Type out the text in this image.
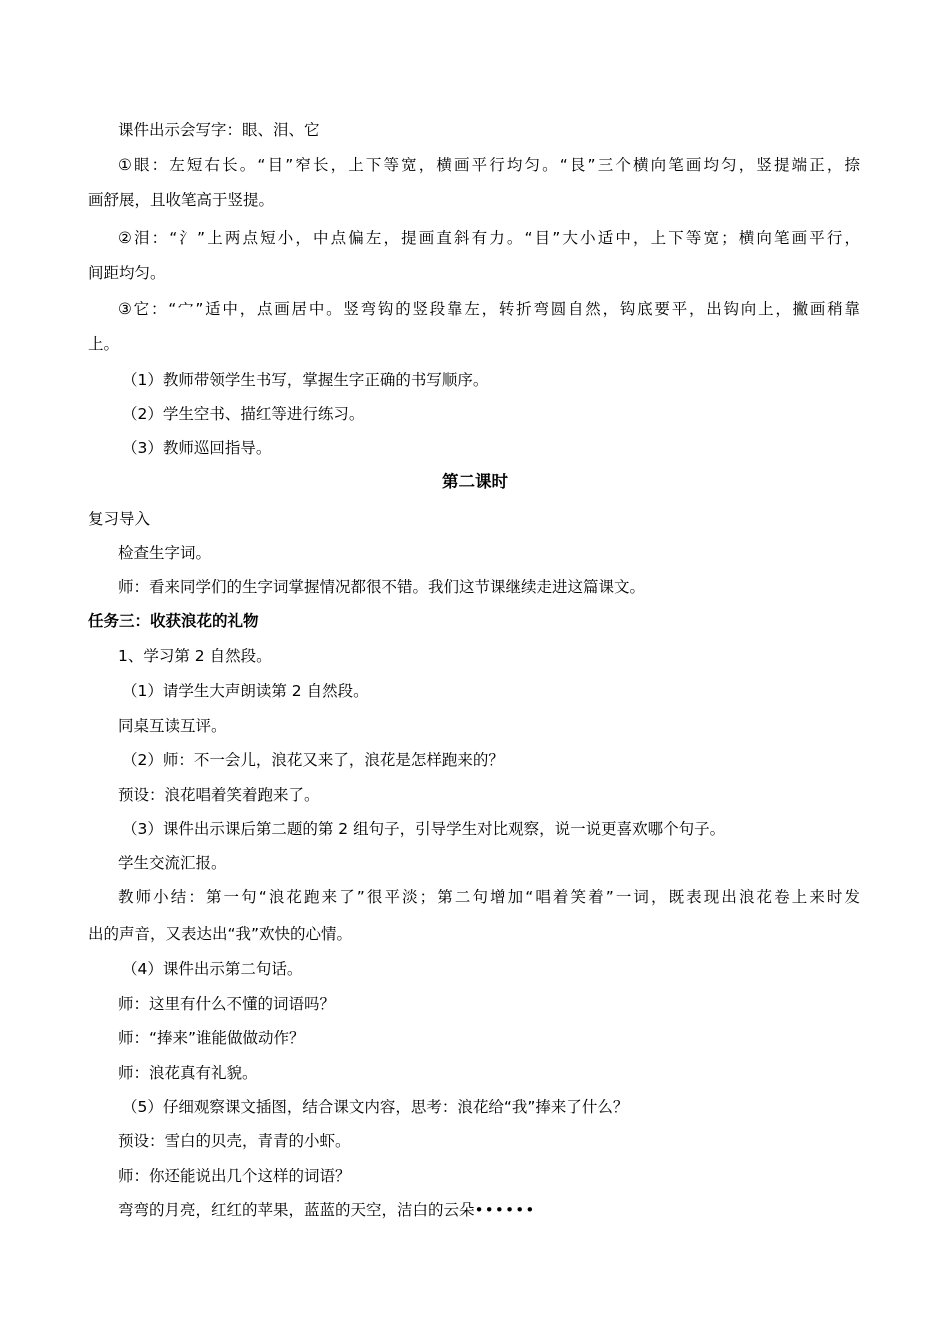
课件出示会写字：眼、泪、它
①眼：左短右长。“目”窄长，上下等宽，横画平行均匀。“艮”三个横向笔画均匀，竖提端正，捺
画舒展，且收笔高于竖提。
②泪：“氵”上两点短小，中点偏左，提画直斜有力。“目”大小适中，上下等宽；横向笔画平行，
间距均匀。
③它：“宀”适中，点画居中。竖弯钩的竖段靠左，转折弯圆自然，钩底要平，出钩向上，撇画稍靠
上。
（1）教师带领学生书写，掌握生字正确的书写顺序。
（2）学生空书、描红等进行练习。
（3）教师巡回指导。
第二课时
复习导入
检查生字词。
师：看来同学们的生字词掌握情况都很不错。我们这节课继续走进这篇课文。
任务三：收获浪花的礼物
1、学习第 2 自然段。
（1）请学生大声朗读第 2 自然段。
同桌互读互评。
（2）师：不一会儿，浪花又来了，浪花是怎样跑来的？
预设：浪花唱着笑着跑来了。
（3）课件出示课后第二题的第 2 组句子，引导学生对比观察，说一说更喜欢哪个句子。
学生交流汇报。
教师小结：第一句“浪花跑来了”很平淡；第二句增加“唱着笑着”一词，既表现出浪花卷上来时发
出的声音，又表达出“我”欢快的心情。
（4）课件出示第二句话。
师：这里有什么不懂的词语吗？
师：“捧来”谁能做做动作？
师：浪花真有礼貌。
（5）仔细观察课文插图，结合课文内容，思考：浪花给“我”捧来了什么？
预设：雪白的贝壳，青青的小虾。
师：你还能说出几个这样的词语？
弯弯的月亮，红红的苹果，蓝蓝的天空，洁白的云朵••••••
